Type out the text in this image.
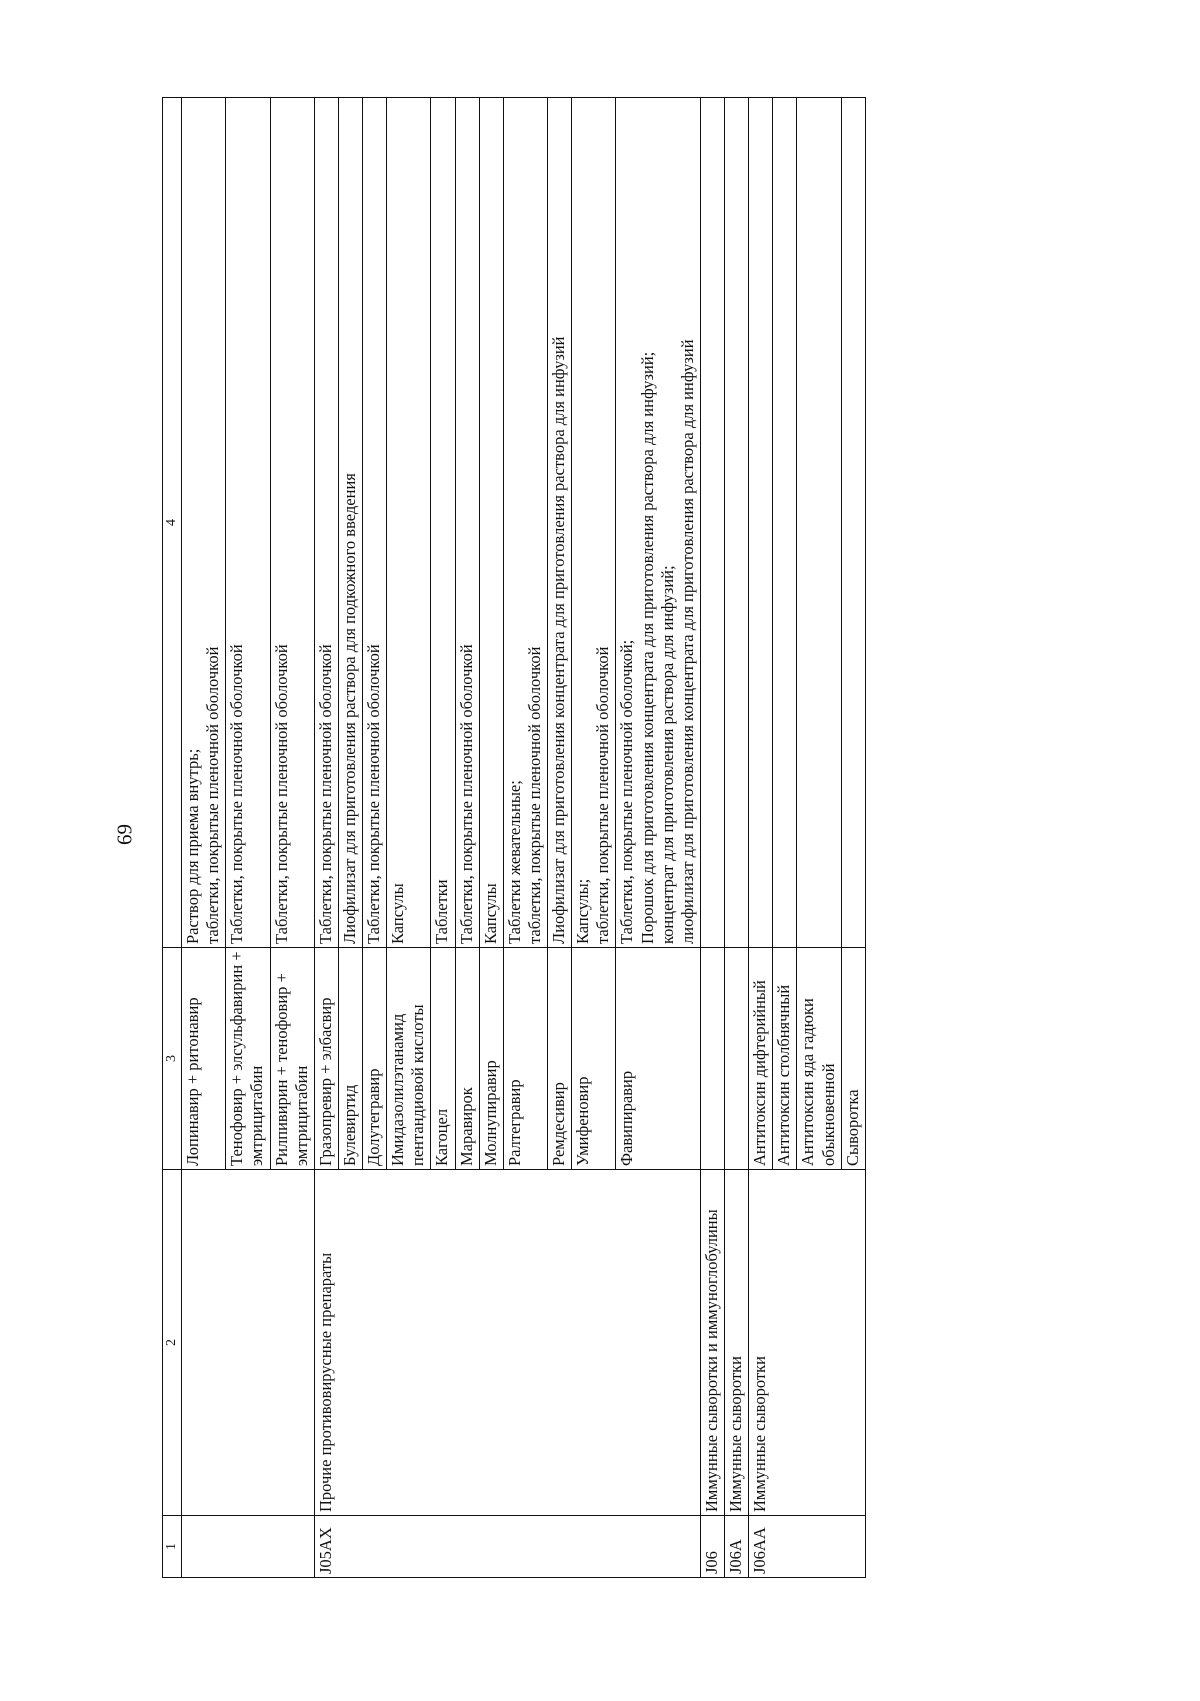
69
1	2	3	4
		Лопинавир + ритонавир	Раствор для приема внутрь; таблетки, покрытые пленочной оболочкой

		Тенофовир + элсульфавирин + эмтрицитабин	Таблетки, покрытые пленочной оболочкой
		Рилпивирин + тенофовир + эмтрицитабин	Таблетки, покрытые пленочной оболочкой
J05AX	Прочие противовирусные препараты	Гразопревир + элбасвир	Таблетки, покрытые пленочной оболочкой
		Булевиртид	Лиофилизат для приготовления раствора для подкожного введения
		Долутегравир	Таблетки, покрытые пленочной оболочкой
		Имидазолилэтанамид пентандиовой кислоты	Капсулы
		Кагоцел	Таблетки
		Маравирок	Таблетки, покрытые пленочной оболочкой
		Молнупиравир	Капсулы
		Ралтегравир	Таблетки жевательные; таблетки, покрытые пленочной оболочкой

		Ремдесивир	Лиофилизат для приготовления концентрата для приготовления раствора для инфузий
		Умифеновир	Капсулы; таблетки, покрытые пленочной оболочкой

		Фавипиравир	Таблетки, покрытые пленочной оболочкой; Порошок для приготовления концентрата для приготовления раствора для инфузий; концентрат для приготовления раствора для инфузий; лиофилизат для приготовления концентрата для приготовления раствора для инфузий

J06	Иммунные сыворотки и иммуноглобулины		
J06A	Иммунные сыворотки		
J06AA	Иммунные сыворотки	Антитоксин дифтерийный	
		Антитоксин столбнячный	
		Антитоксин яда гадюки обыкновенной	
		Сыворотка	
